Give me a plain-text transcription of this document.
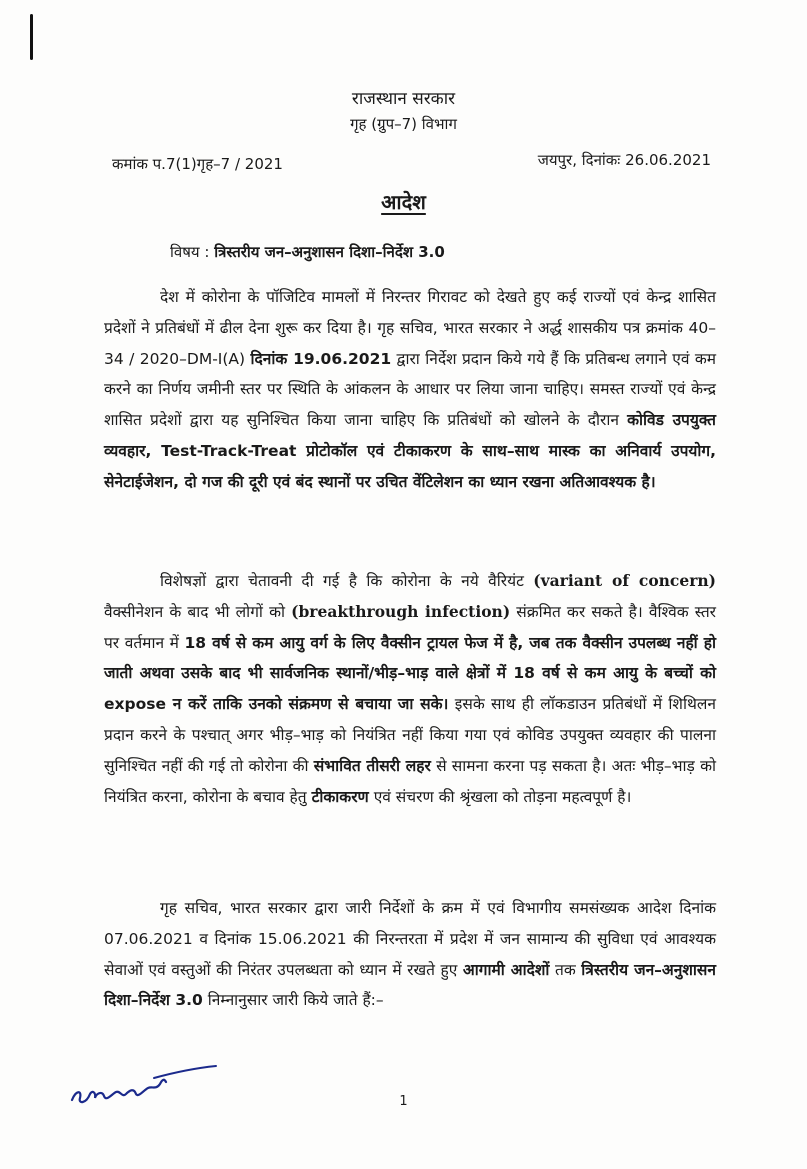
राजस्थान सरकार
गृह (ग्रुप–7) विभाग
कमांक प.7(1)गृह–7 / 2021	जयपुर, दिनांकः 26.06.2021
आदेश
विषय : त्रिस्तरीय जन–अनुशासन दिशा–निर्देश 3.0
देश में कोरोना के पॉजिटिव मामलों में निरन्तर गिरावट को देखते हुए कई राज्यों एवं केन्द्र शासित प्रदेशों ने प्रतिबंधों में ढील देना शुरू कर दिया है। गृह सचिव, भारत सरकार ने अर्द्ध शासकीय पत्र क्रमांक 40–34 / 2020–DM-I(A) दिनांक 19.06.2021 द्वारा निर्देश प्रदान किये गये हैं कि प्रतिबन्ध लगाने एवं कम करने का निर्णय जमीनी स्तर पर स्थिति के आंकलन के आधार पर लिया जाना चाहिए। समस्त राज्यों एवं केन्द्र शासित प्रदेशों द्वारा यह सुनिश्चित किया जाना चाहिए कि प्रतिबंधों को खोलने के दौरान कोविड उपयुक्त व्यवहार, Test-Track-Treat प्रोटोकॉल एवं टीकाकरण के साथ–साथ मास्क का अनिवार्य उपयोग, सेनेटाईजेशन, दो गज की दूरी एवं बंद स्थानों पर उचित वेंटिलेशन का ध्यान रखना अतिआवश्यक है।
विशेषज्ञों द्वारा चेतावनी दी गई है कि कोरोना के नये वैरियंट (variant of concern) वैक्सीनेशन के बाद भी लोगों को (breakthrough infection) संक्रमित कर सकते है। वैश्विक स्तर पर वर्तमान में 18 वर्ष से कम आयु वर्ग के लिए वैक्सीन ट्रायल फेज में है, जब तक वैक्सीन उपलब्ध नहीं हो जाती अथवा उसके बाद भी सार्वजनिक स्थानों/भीड़–भाड़ वाले क्षेत्रों में 18 वर्ष से कम आयु के बच्चों को expose न करें ताकि उनको संक्रमण से बचाया जा सके। इसके साथ ही लॉकडाउन प्रतिबंधों में शिथिलन प्रदान करने के पश्चात् अगर भीड़–भाड़ को नियंत्रित नहीं किया गया एवं कोविड उपयुक्त व्यवहार की पालना सुनिश्चित नहीं की गई तो कोरोना की संभावित तीसरी लहर से सामना करना पड़ सकता है। अतः भीड़–भाड़ को नियंत्रित करना, कोरोना के बचाव हेतु टीकाकरण एवं संचरण की श्रृंखला को तोड़ना महत्वपूर्ण है।
गृह सचिव, भारत सरकार द्वारा जारी निर्देशों के क्रम में एवं विभागीय समसंख्यक आदेश दिनांक 07.06.2021 व दिनांक 15.06.2021 की निरन्तरता में प्रदेश में जन सामान्य की सुविधा एवं आवश्यक सेवाओं एवं वस्तुओं की निरंतर उपलब्धता को ध्यान में रखते हुए आगामी आदेशों तक त्रिस्तरीय जन–अनुशासन दिशा–निर्देश 3.0 निम्नानुसार जारी किये जाते हैं:–
1
